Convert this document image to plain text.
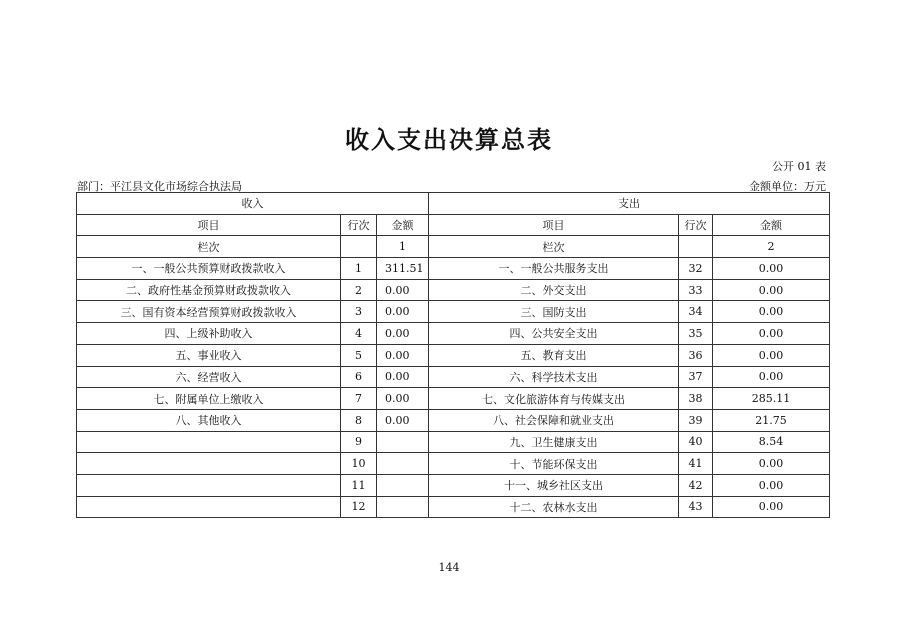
收入支出决算总表
公开 01 表
部门：平江县文化市场综合执法局	金额单位：万元
收入			支出		
项目	行次	金额	项目	行次	金额
栏次		1	栏次		2
一、一般公共预算财政拨款收入	1	311.51	一、一般公共服务支出	32	0.00
二、政府性基金预算财政拨款收入	2	0.00	二、外交支出	33	0.00
三、国有资本经营预算财政拨款收入	3	0.00	三、国防支出	34	0.00
四、上级补助收入	4	0.00	四、公共安全支出	35	0.00
五、事业收入	5	0.00	五、教育支出	36	0.00
六、经营收入	6	0.00	六、科学技术支出	37	0.00
七、附属单位上缴收入	7	0.00	七、文化旅游体育与传媒支出	38	285.11
八、其他收入	8	0.00	八、社会保障和就业支出	39	21.75
	9		九、卫生健康支出	40	8.54
	10		十、节能环保支出	41	0.00
	11		十一、城乡社区支出	42	0.00
	12		十二、农林水支出	43	0.00
144
